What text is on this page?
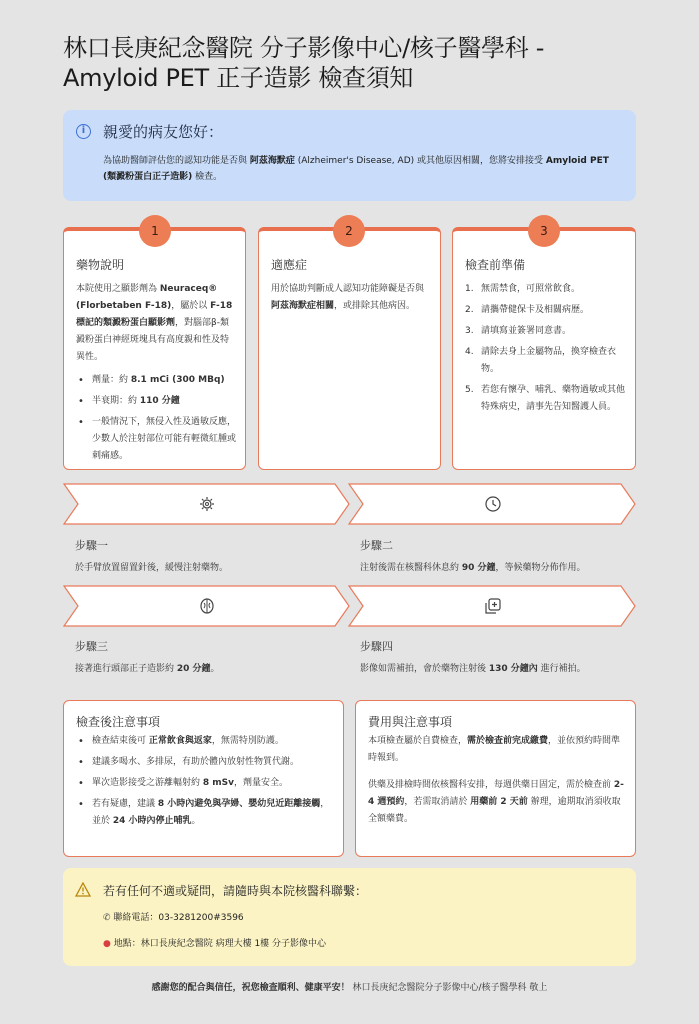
林口長庚紀念醫院 分子影像中心/核子醫學科 -
Amyloid PET 正子造影 檢查須知
i	親愛的病友您好：
為協助醫師評估您的認知功能是否與 阿茲海默症 (Alzheimer's Disease, AD) 或其他原因相關，您將安排接受 Amyloid PET (類澱粉蛋白正子造影) 檢查。
藥物說明
本院使用之顯影劑為 Neuraceq® (Florbetaben F-18)，屬於以 F-18 標記的類澱粉蛋白顯影劑，對腦部β-類澱粉蛋白神經斑塊具有高度親和性及特異性。
• 劑量：約 8.1 mCi (300 MBq)
• 半衰期：約 110 分鐘
• 一般情況下，無侵入性及過敏反應，少數人於注射部位可能有輕微紅腫或刺痛感。
1
適應症
用於協助判斷成人認知功能障礙是否與 阿茲海默症相關，或排除其他病因。
2
檢查前準備
1. 無需禁食，可照常飲食。
2. 請攜帶健保卡及相關病歷。
3. 請填寫並簽署同意書。
4. 請除去身上金屬物品，換穿檢查衣物。
5. 若您有懷孕、哺乳、藥物過敏或其他特殊病史，請事先告知醫護人員。
3
步驟一
於手臂放置留置針後，緩慢注射藥物。
步驟二
注射後需在核醫科休息約 90 分鐘，等候藥物分佈作用。
步驟三
接著進行頭部正子造影約 20 分鐘。
步驟四
影像如需補拍，會於藥物注射後 130 分鐘內 進行補拍。
檢查後注意事項
• 檢查結束後可 正常飲食與返家，無需特別防護。
• 建議多喝水、多排尿，有助於體內放射性物質代謝。
• 單次造影接受之游離輻射約 8 mSv，劑量安全。
• 若有疑慮，建議 8 小時內避免與孕婦、嬰幼兒近距離接觸，並於 24 小時內停止哺乳。
費用與注意事項

本項檢查屬於自費檢查，需於檢查前完成繳費，並依預約時間準時報到。

供藥及排檢時間依核醫科安排，每週供藥日固定，需於檢查前 2-4 週預約，若需取消請於 用藥前 2 天前 辦理，逾期取消須收取全額藥費。

若有任何不適或疑問，請隨時與本院核醫科聯繫：
✆ 聯絡電話：03-3281200#3596
● 地點：林口長庚紀念醫院 病理大樓 1樓 分子影像中心
感謝您的配合與信任，祝您檢查順利、健康平安！ 林口長庚紀念醫院分子影像中心/核子醫學科 敬上
